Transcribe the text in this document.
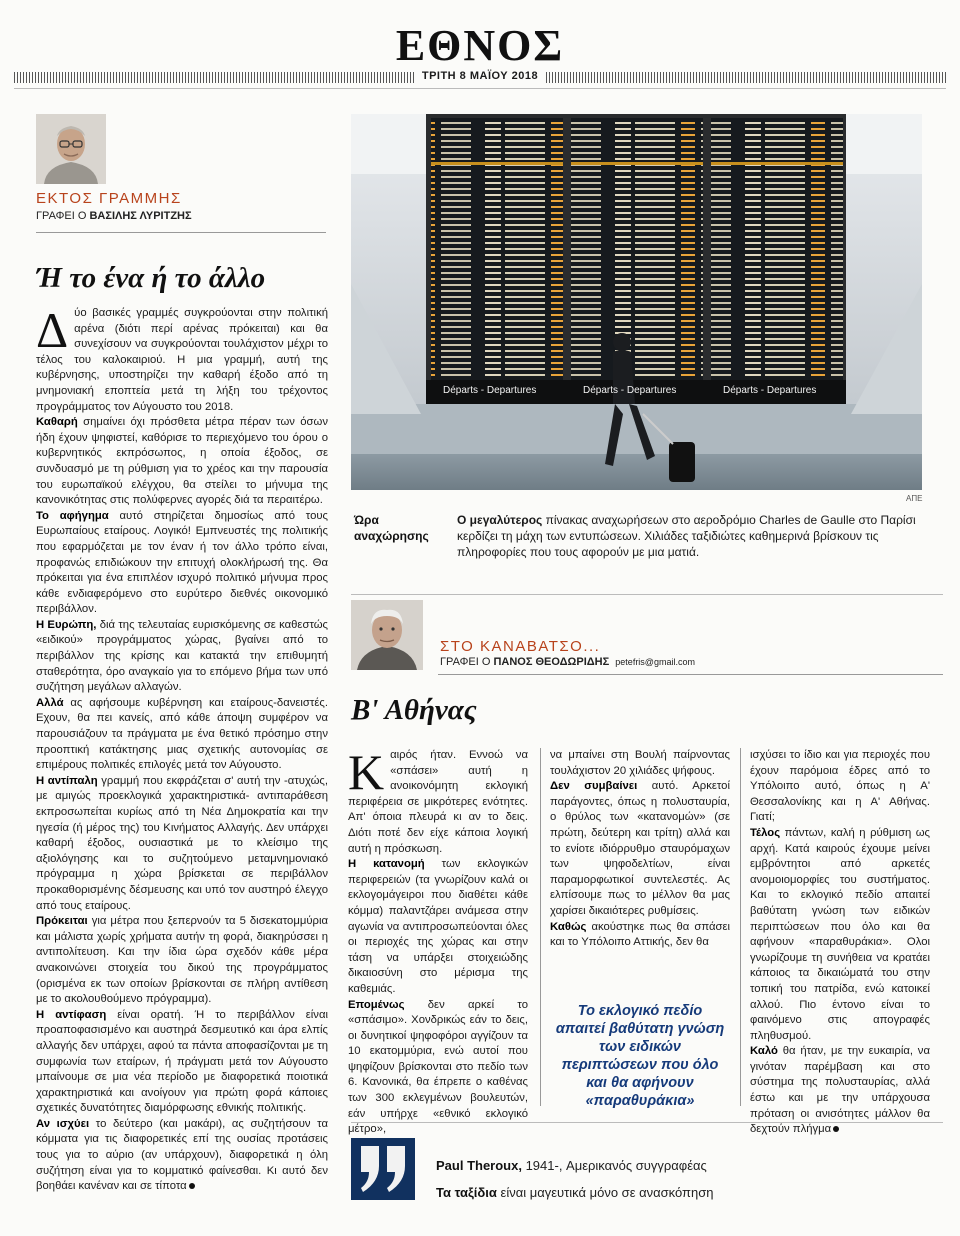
ΕΘΝΟΣ
ΤΡΙΤΗ 8 ΜΑΪΟΥ 2018
ΕΚΤΟΣ ΓΡΑΜΜΗΣ
ΓΡΑΦΕΙ Ο ΒΑΣΙΛΗΣ ΛΥΡΙΤΖΗΣ
Ή το ένα ή το άλλο

Δύο βασικές γραμμές συγκρούονται στην πολιτική αρένα (διότι περί αρένας πρόκειται) και θα συνεχίσουν να συγκρούονται τουλάχιστον μέχρι το τέλος του καλοκαιριού. Η μια γραμμή, αυτή της κυβέρνησης, υποστηρίζει την καθαρή έξοδο από τη μνημονιακή εποπτεία μετά τη λήξη του τρέχοντος προγράμματος τον Αύγουστο του 2018.

Καθαρή σημαίνει όχι πρόσθετα μέτρα πέραν των όσων ήδη έχουν ψηφιστεί, καθόρισε το περιεχόμενο του όρου ο κυβερνητικός εκπρόσωπος, η οποία έξοδος, σε συνδυασμό με τη ρύθμιση για το χρέος και την παρουσία του ευρωπαϊκού ελέγχου, θα στείλει το μήνυμα της κανονικότητας στις πολύφερνες αγορές διά τα περαιτέρω.

Το αφήγημα αυτό στηρίζεται δημοσίως από τους Ευρωπαίους εταίρους. Λογικό! Εμπνευστές της πολιτικής που εφαρμόζεται με τον έναν ή τον άλλο τρόπο είναι, προφανώς επιδιώκουν την επιτυχή ολοκλήρωσή της. Θα πρόκειται για ένα επιπλέον ισχυρό πολιτικό μήνυμα προς κάθε ενδιαφερόμενο στο ευρύτερο διεθνές οικονομικό περιβάλλον.

Η Ευρώπη, διά της τελευταίας ευρισκόμενης σε καθεστώς «ειδικού» προγράμματος χώρας, βγαίνει από το περιβάλλον της κρίσης και κατακτά την επιθυμητή σταθερότητα, όρο αναγκαίο για το επόμενο βήμα των υπό συζήτηση μεγάλων αλλαγών.

Αλλά ας αφήσουμε κυβέρνηση και εταίρους-δανειστές. Εχουν, θα πει κανείς, από κάθε άποψη συμφέρον να παρουσιάζουν τα πράγματα με ένα θετικό πρόσημο στην προοπτική κατάκτησης μιας σχετικής αυτονομίας σε επιμέρους πολιτικές επιλογές μετά τον Αύγουστο.

Η αντίπαλη γραμμή που εκφράζεται σ' αυτή την -ατυχώς, με αμιγώς προεκλογικά χαρακτηριστικά- αντιπαράθεση εκπροσωπείται κυρίως από τη Νέα Δημοκρατία και την ηγεσία (ή μέρος της) του Κινήματος Αλλαγής. Δεν υπάρχει καθαρή έξοδος, ουσιαστικά με το κλείσιμο της αξιολόγησης και το συζητούμενο μεταμνημονιακό πρόγραμμα η χώρα βρίσκεται σε περιβάλλον προκαθορισμένης δέσμευσης και υπό τον αυστηρό έλεγχο από τους εταίρους.

Πρόκειται για μέτρα που ξεπερνούν τα 5 δισεκατομμύρια και μάλιστα χωρίς χρήματα αυτήν τη φορά, διακηρύσσει η αντιπολίτευση. Και την ίδια ώρα σχεδόν κάθε μέρα ανακοινώνει στοιχεία του δικού της προγράμματος (ορισμένα εκ των οποίων βρίσκονται σε πλήρη αντίθεση με το ακολουθούμενο πρόγραμμα).

Η αντίφαση είναι ορατή. Ή το περιβάλλον είναι προαποφασισμένο και αυστηρά δεσμευτικό και άρα ελπίς αλλαγής δεν υπάρχει, αφού τα πάντα αποφασίζονται με τη συμφωνία των εταίρων, ή πράγματι μετά τον Αύγουστο μπαίνουμε σε μια νέα περίοδο με διαφορετικά ποιοτικά χαρακτηριστικά και ανοίγουν για πρώτη φορά κάποιες σχετικές δυνατότητες διαμόρφωσης εθνικής πολιτικής.

Αν ισχύει το δεύτερο (και μακάρι), ας συζητήσουν τα κόμματα για τις διαφορετικές επί της ουσίας προτάσεις τους για το αύριο (αν υπάρχουν), διαφορετικά η όλη συζήτηση είναι για το κομματικό φαίνεσθαι. Κι αυτό δεν βοηθάει κανέναν και σε τίποτα

Départs - Departures	Départs - Departures	Départs - Departures
ΑΠΕ
Ώρα αναχώρησης
Ο μεγαλύτερος πίνακας αναχωρήσεων στο αεροδρόμιο Charles de Gaulle στο Παρίσι κερδίζει τη μάχη των εντυπώσεων. Χιλιάδες ταξιδιώτες καθημερινά βρίσκουν τις πληροφορίες που τους αφορούν με μια ματιά.
ΣΤΟ ΚΑΝΑΒΑΤΣΟ...
ΓΡΑΦΕΙ Ο ΠΑΝΟΣ ΘΕΟΔΩΡΙΔΗΣ petefris@gmail.com
Β' Αθήνας

Καιρός ήταν. Εννοώ να «σπάσει» αυτή η ανοικονόμητη εκλογική περιφέρεια σε μικρότερες ενότητες. Απ' όποια πλευρά κι αν το δεις. Διότι ποτέ δεν είχε κάποια λογική αυτή η πρόσκωση.

Η κατανομή των εκλογικών περιφερειών (τα γνωρίζουν καλά οι εκλογομάγειροι που διαθέτει κάθε κόμμα) παλαντζάρει ανάμεσα στην αγωνία να αντιπροσωπεύονται όλες οι περιοχές της χώρας και στην τάση να υπάρξει στοιχειώδης δικαιοσύνη στο μέρισμα της καθεμιάς.

Επομένως δεν αρκεί το «σπάσιμο». Χονδρικώς εάν το δεις, οι δυνητικοί ψηφοφόροι αγγίζουν τα 10 εκατομμύρια, ενώ αυτοί που ψηφίζουν βρίσκονται στο πεδίο των 6. Κανονικά, θα έπρεπε ο καθένας των 300 εκλεγμένων βουλευτών, εάν υπήρχε «εθνικό εκλογικό μέτρο»,

να μπαίνει στη Βουλή παίρνοντας τουλάχιστον 20 χιλιάδες ψήφους.

Δεν συμβαίνει αυτό. Αρκετοί παράγοντες, όπως η πολυσταυρία, ο θρύλος των «κατανομών» (σε πρώτη, δεύτερη και τρίτη) αλλά και το ενίοτε ιδιόρρυθμο σταυρόμαχων των ψηφοδελτίων, είναι παραμορφωτικοί συντελεστές. Ας ελπίσουμε πως το μέλλον θα μας χαρίσει δικαιότερες ρυθμίσεις.

Καθώς ακούστηκε πως θα σπάσει και το Υπόλοιπο Αττικής, δεν θα

Το εκλογικό πεδίο απαιτεί βαθύτατη γνώση των ειδικών περιπτώσεων που όλο και θα αφήνουν «παραθυράκια»

ισχύσει το ίδιο και για περιοχές που έχουν παρόμοια έδρες από το Υπόλοιπο αυτό, όπως η Α' Θεσσαλονίκης και η Α' Αθήνας. Γιατί;

Τέλος πάντων, καλή η ρύθμιση ως αρχή. Κατά καιρούς έχουμε μείνει εμβρόντητοι από αρκετές ανομοιομορφίες του συστήματος. Και το εκλογικό πεδίο απαιτεί βαθύτατη γνώση των ειδικών περιπτώσεων που όλο και θα αφήνουν «παραθυράκια». Ολοι γνωρίζουμε τη συνήθεια να κρατάει κάποιος τα δικαιώματά του στην τοπική του πατρίδα, ενώ κατοικεί αλλού. Πιο έντονο είναι το φαινόμενο στις απογραφές πληθυσμού.

Καλό θα ήταν, με την ευκαιρία, να γινόταν παρέμβαση και στο σύστημα της πολυσταυρίας, αλλά έστω και με την υπάρχουσα πρόταση οι ανισότητες μάλλον θα δεχτούν πλήγμα

Paul Theroux, 1941-, Αμερικανός συγγραφέας
Τα ταξίδια είναι μαγευτικά μόνο σε ανασκόπηση
